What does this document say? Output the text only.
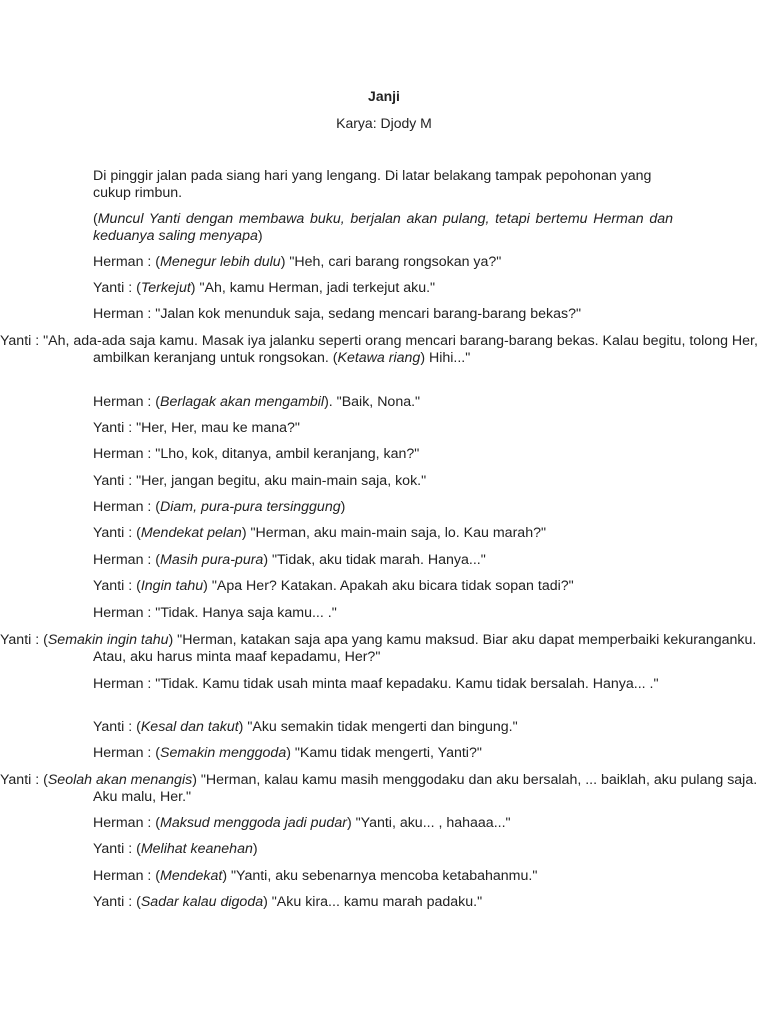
Janji
Karya: Djody M

Di pinggir jalan pada siang hari yang lengang. Di latar belakang tampak pepohonan yang cukup rimbun.

(Muncul Yanti dengan membawa buku, berjalan akan pulang, tetapi bertemu Herman dan keduanya saling menyapa)

Herman : (Menegur lebih dulu) "Heh, cari barang rongsokan ya?"

Yanti : (Terkejut) "Ah, kamu Herman, jadi terkejut aku."

Herman : "Jalan kok menunduk saja, sedang mencari barang-barang bekas?"

Yanti : "Ah, ada-ada saja kamu. Masak iya jalanku seperti orang mencari barang-barang bekas. Kalau begitu, tolong Her, ambilkan keranjang untuk rongsokan. (Ketawa riang) Hihi..."

Herman : (Berlagak akan mengambil). "Baik, Nona."

Yanti : "Her, Her, mau ke mana?"

Herman : "Lho, kok, ditanya, ambil keranjang, kan?"

Yanti : "Her, jangan begitu, aku main-main saja, kok."

Herman : (Diam, pura-pura tersinggung)

Yanti : (Mendekat pelan) "Herman, aku main-main saja, lo. Kau marah?"

Herman : (Masih pura-pura) "Tidak, aku tidak marah. Hanya..."

Yanti : (Ingin tahu) "Apa Her? Katakan. Apakah aku bicara tidak sopan tadi?"

Herman : "Tidak. Hanya saja kamu... ."

Yanti : (Semakin ingin tahu) "Herman, katakan saja apa yang kamu maksud. Biar aku dapat memperbaiki kekuranganku. Atau, aku harus minta maaf kepadamu, Her?"

Herman : "Tidak. Kamu tidak usah minta maaf kepadaku. Kamu tidak bersalah. Hanya... ."

Yanti : (Kesal dan takut) "Aku semakin tidak mengerti dan bingung."

Herman : (Semakin menggoda) "Kamu tidak mengerti, Yanti?"

Yanti : (Seolah akan menangis) "Herman, kalau kamu masih menggodaku dan aku bersalah, ... baiklah, aku pulang saja. Aku malu, Her."

Herman : (Maksud menggoda jadi pudar) "Yanti, aku... , hahaaa..."

Yanti : (Melihat keanehan)

Herman : (Mendekat) "Yanti, aku sebenarnya mencoba ketabahanmu."

Yanti : (Sadar kalau digoda) "Aku kira... kamu marah padaku."
